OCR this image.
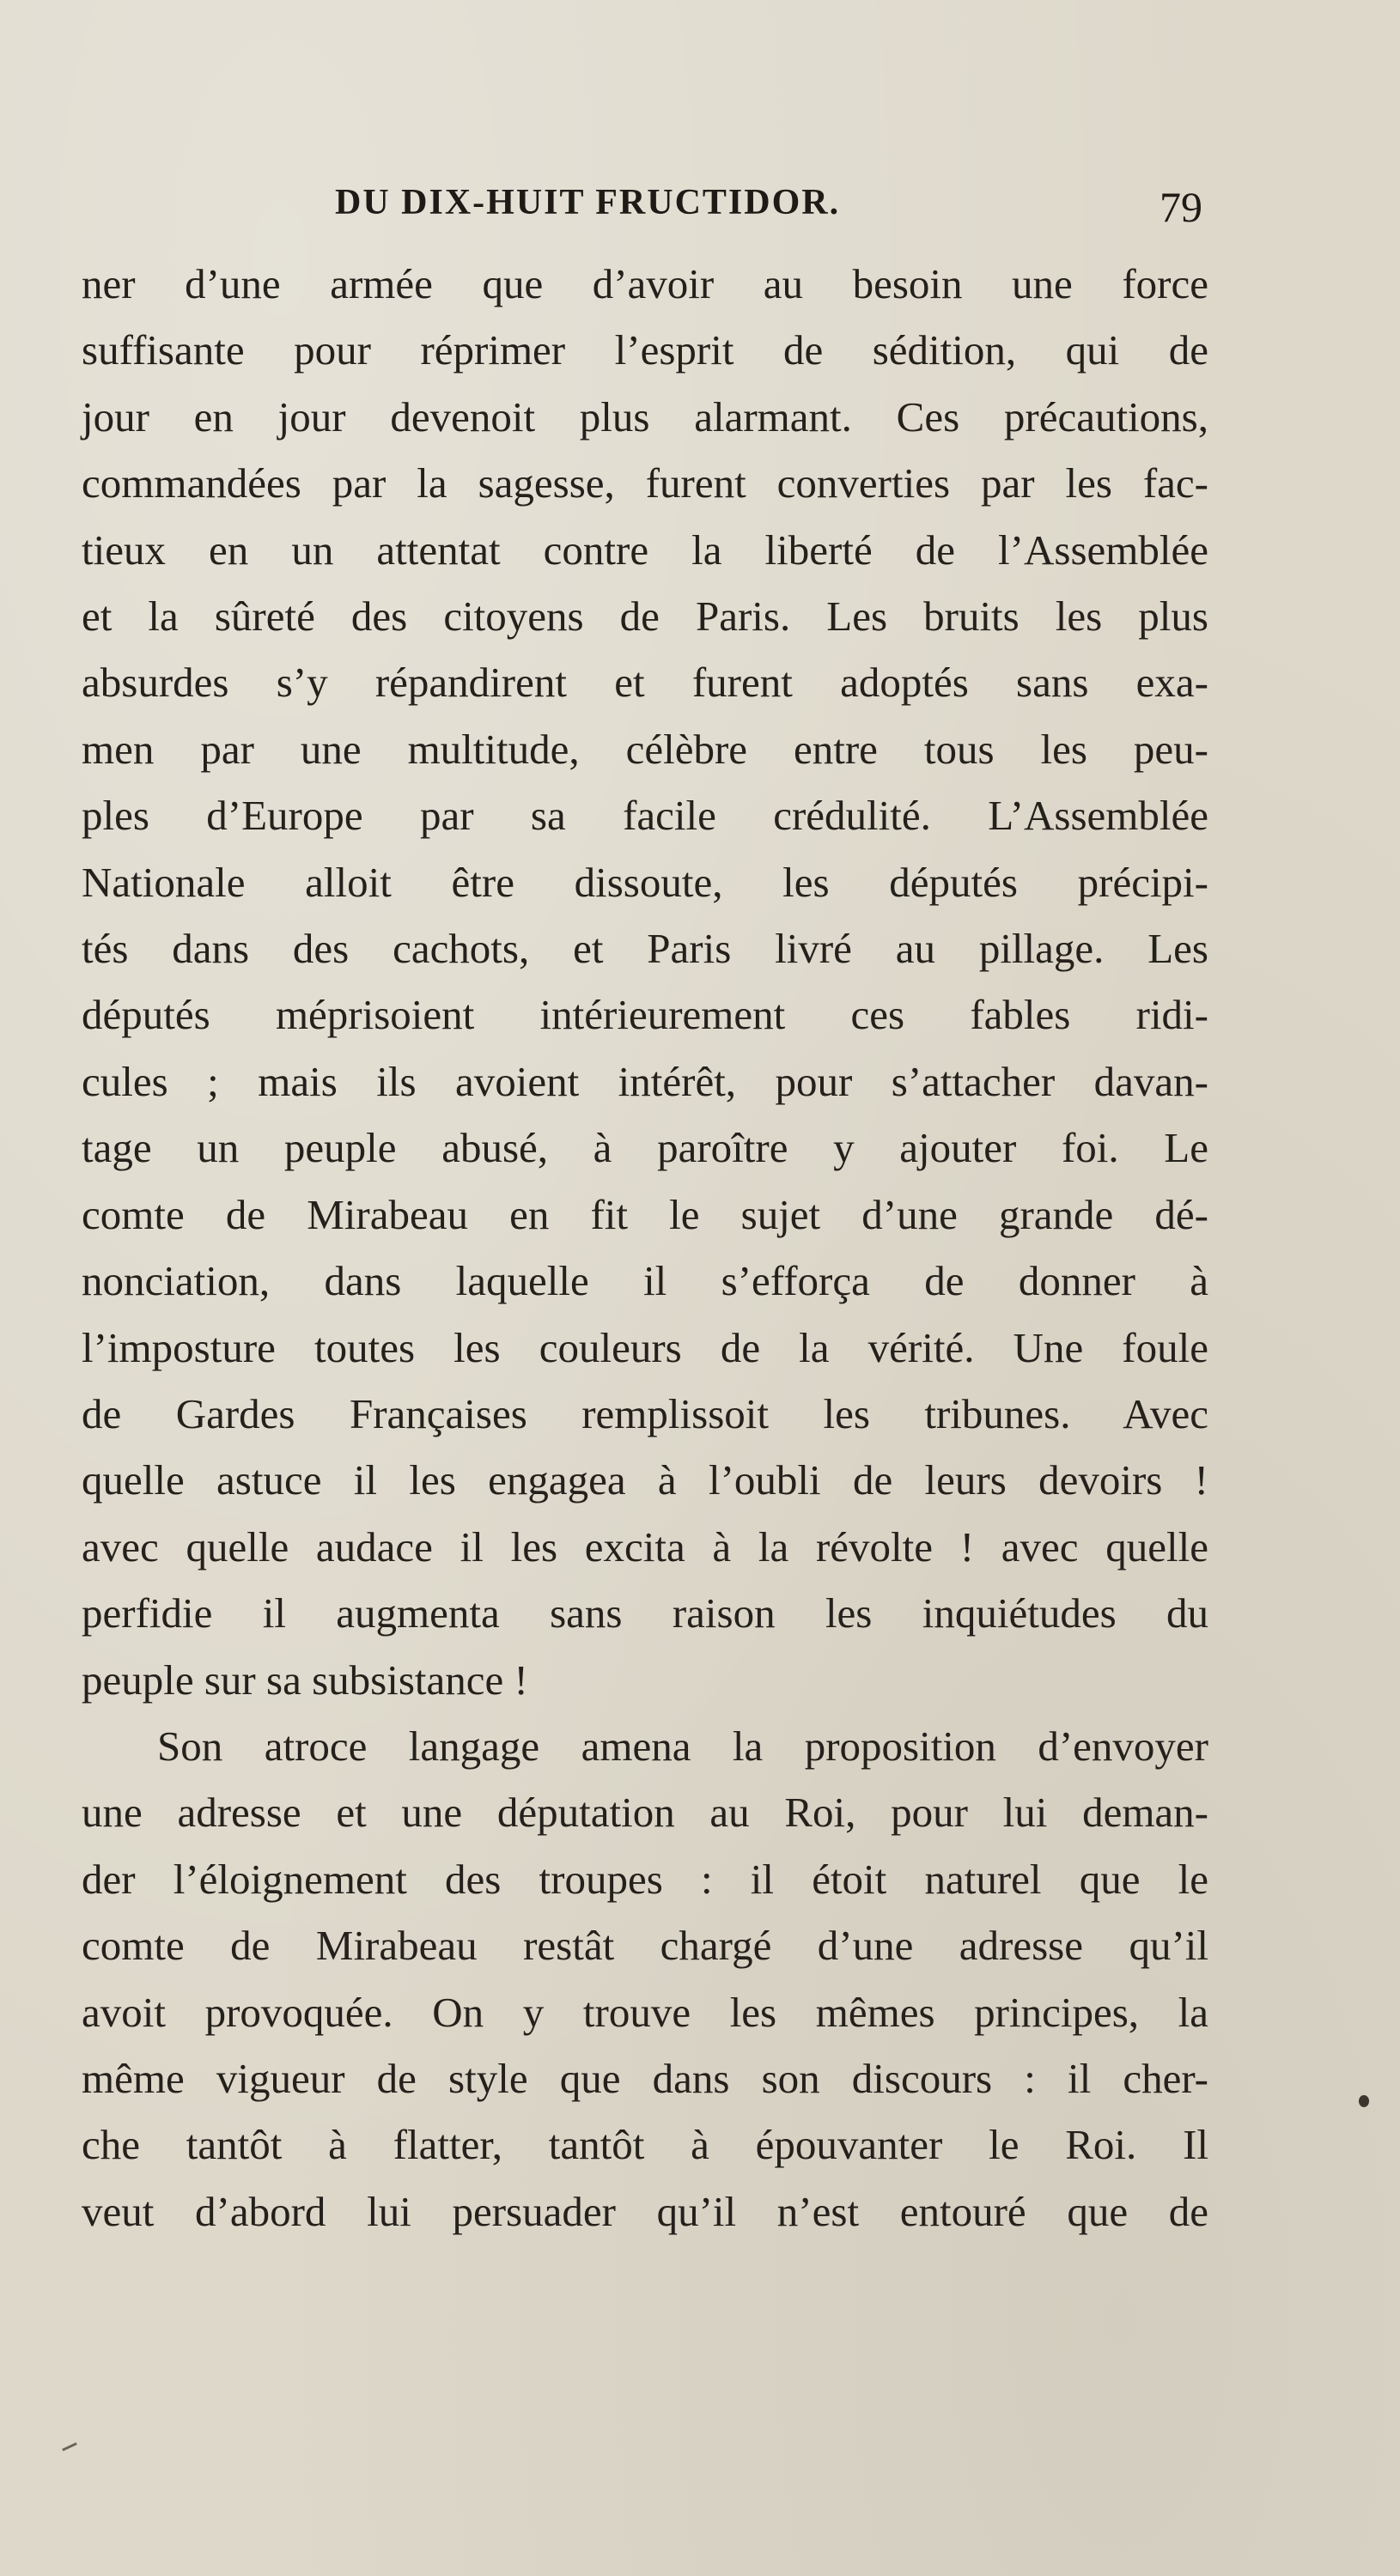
DU DIX-HUIT FRUCTIDOR.	79
ner d’une armée que d’avoir au besoin une force
suffisante pour réprimer l’esprit de sédition, qui de
jour en jour devenoit plus alarmant. Ces précautions,
commandées par la sagesse, furent converties par les fac-
tieux en un attentat contre la liberté de l’Assemblée
et la sûreté des citoyens de Paris. Les bruits les plus
absurdes s’y répandirent et furent adoptés sans exa-
men par une multitude, célèbre entre tous les peu-
ples d’Europe par sa facile crédulité. L’Assemblée
Nationale alloit être dissoute, les députés précipi-
tés dans des cachots, et Paris livré au pillage. Les
députés méprisoient intérieurement ces fables ridi-
cules ; mais ils avoient intérêt, pour s’attacher davan-
tage un peuple abusé, à paroître y ajouter foi. Le
comte de Mirabeau en fit le sujet d’une grande dé-
nonciation, dans laquelle il s’efforça de donner à
l’imposture toutes les couleurs de la vérité. Une foule
de Gardes Françaises remplissoit les tribunes. Avec
quelle astuce il les engagea à l’oubli de leurs devoirs !
avec quelle audace il les excita à la révolte ! avec quelle
perfidie il augmenta sans raison les inquiétudes du
peuple sur sa subsistance !
Son atroce langage amena la proposition d’envoyer
une adresse et une députation au Roi, pour lui deman-
der l’éloignement des troupes : il étoit naturel que le
comte de Mirabeau restât chargé d’une adresse qu’il
avoit provoquée. On y trouve les mêmes principes, la
même vigueur de style que dans son discours : il cher-
che tantôt à flatter, tantôt à épouvanter le Roi. Il
veut d’abord lui persuader qu’il n’est entouré que de
